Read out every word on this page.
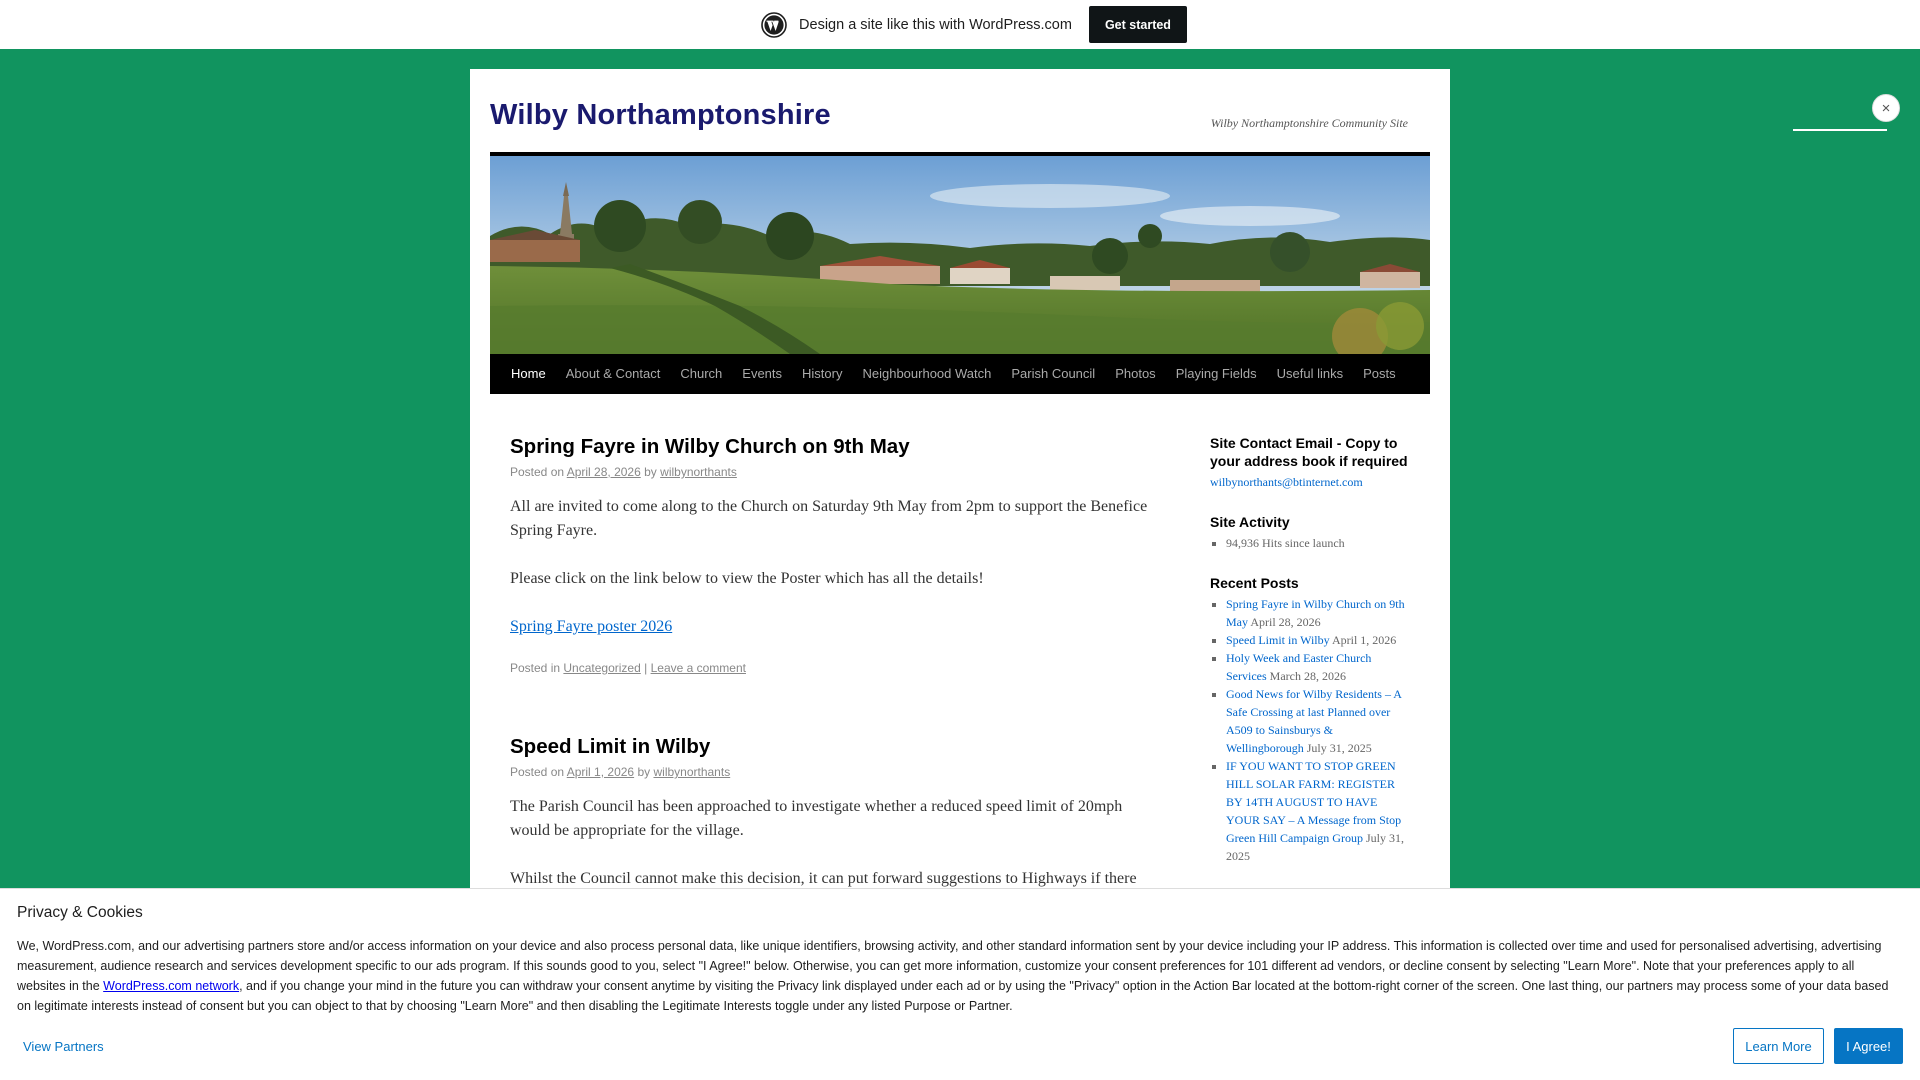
Design a site like this with WordPress.com	Get started
×
Wilby Northamptonshire	Wilby Northamptonshire Community Site
Home	About & Contact	Church	Events	History	Neighbourhood Watch	Parish Council	Photos	Playing Fields	Useful links	Posts
Spring Fayre in Wilby Church on 9th May
Posted on April 28, 2026 by wilbynorthants

All are invited to come along to the Church on Saturday 9th May from 2pm to support the Benefice Spring Fayre.

Please click on the link below to view the Poster which has all the details!

Spring Fayre poster 2026

Posted in Uncategorized | Leave a comment
Speed Limit in Wilby
Posted on April 1, 2026 by wilbynorthants

The Parish Council has been approached to investigate whether a reduced speed limit of 20mph would be appropriate for the village.

Whilst the Council cannot make this decision, it can put forward suggestions to Highways if there

Site Contact Email - Copy to your address book if required
wilbynorthants@btinternet.com
Site Activity
▪ 94,936 Hits since launch
Recent Posts
▪ Spring Fayre in Wilby Church on 9th May April 28, 2026
▪ Speed Limit in Wilby April 1, 2026
▪ Holy Week and Easter Church Services March 28, 2026
▪ Good News for Wilby Residents – A Safe Crossing at last Planned over A509 to Sainsburys & Wellingborough July 31, 2025
▪ IF YOU WANT TO STOP GREEN HILL SOLAR FARM: REGISTER BY 14TH AUGUST TO HAVE YOUR SAY – A Message from Stop Green Hill Campaign Group July 31, 2025
Privacy & Cookies
We, WordPress.com, and our advertising partners store and/or access information on your device and also process personal data, like unique identifiers, browsing activity, and other standard information sent by your device including your IP address. This information is collected over time and used for personalised advertising, advertising measurement, audience research and services development specific to our ads program. If this sounds good to you, select "I Agree!" below. Otherwise, you can get more information, customize your consent preferences for 101 different ad vendors, or decline consent by selecting "Learn More". Note that your preferences apply to all websites in the WordPress.com network, and if you change your mind in the future you can withdraw your consent anytime by visiting the Privacy link displayed under each ad or by using the "Privacy" option in the Action Bar located at the bottom-right corner of the screen. One last thing, our partners may process some of your data based on legitimate interests instead of consent but you can object to that by choosing "Learn More" and then disabling the Legitimate Interests toggle under any listed Purpose or Partner.
View Partners	Learn More	I Agree!
